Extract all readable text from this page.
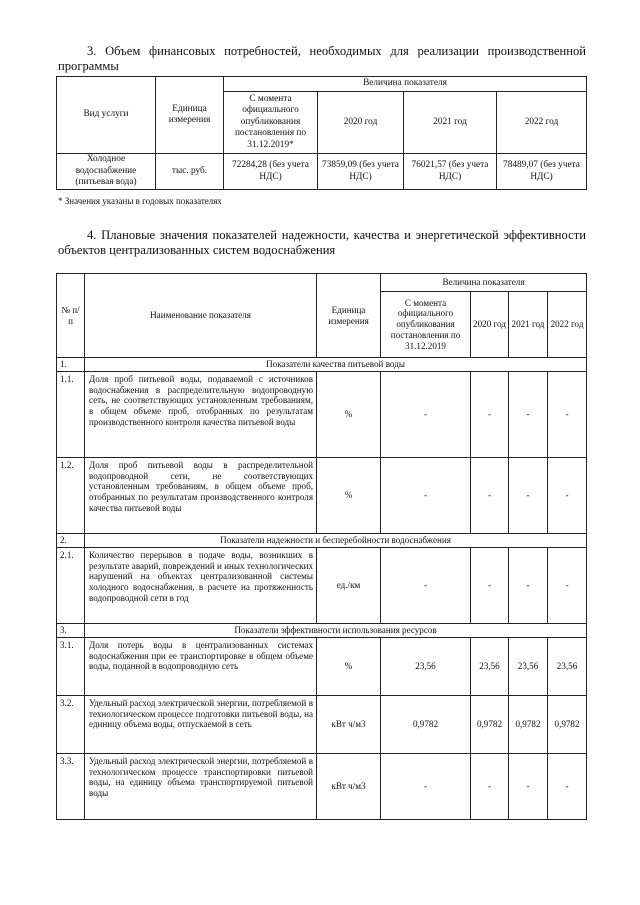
3. Объем финансовых потребностей, необходимых для реализации производственной программы
Вид услуги	Единица измерения	Величина показателя			
		С момента официального опубликования постановления по 31.12.2019*	2020 год	2021 год	2022 год
Холодное водоснабжение (питьевая вода)	тыс. руб.	72284,28 (без учета НДС)	73859,09 (без учета НДС)	76021,57 (без учета НДС)	78489,07 (без учета НДС)
* Значения указаны в годовых показателях
4. Плановые значения показателей надежности, качества и энергетической эффективности объектов централизованных систем водоснабжения
№ п/п	Наименование показателя	Единица измерения	Величина показателя			
			С момента официального опубликования постановления по 31.12.2019	2020 год	2021 год	2022 год
1.	Показатели качества питьевой воды					
1.1.	Доля проб питьевой воды, подаваемой с источников водоснабжения в распределительную водопроводную сеть, не соответствующих установленным требованиям, в общем объеме проб, отобранных по результатам производственного контроля качества питьевой воды	%	-	-	-	-
1.2.	Доля проб питьевой воды в распределительной водопроводной сети, не соответствующих установленным требованиям, в общем объеме проб, отобранных по результатам производственного контроля качества питьевой воды	%	-	-	-	-
2.	Показатели надежности и бесперебойности водоснабжения					
2.1.	Количество перерывов в подаче воды, возникших в результате аварий, повреждений и иных технологических нарушений на объектах централизованной системы холодного водоснабжения, в расчете на протяженность водопроводной сети в год	ед./км	-	-	-	-
3.	Показатели эффективности использования ресурсов					
3.1.	Доля потерь воды в централизованных системах водоснабжения при ее транспортировке в общем объеме воды, поданной в водопроводную сеть	%	23,56	23,56	23,56	23,56
3.2.	Удельный расход электрической энергии, потребляемой в технологическом процессе подготовки питьевой воды, на единицу объема воды, отпускаемой в сеть	кВт ч/м3	0,9782	0,9782	0,9782	0,9782
3.3.	Удельный расход электрической энергии, потребляемой в технологическом процессе транспортировки питьевой воды, на единицу объема транспортируемой питьевой воды	кВт ч/м3	-	-	-	-
